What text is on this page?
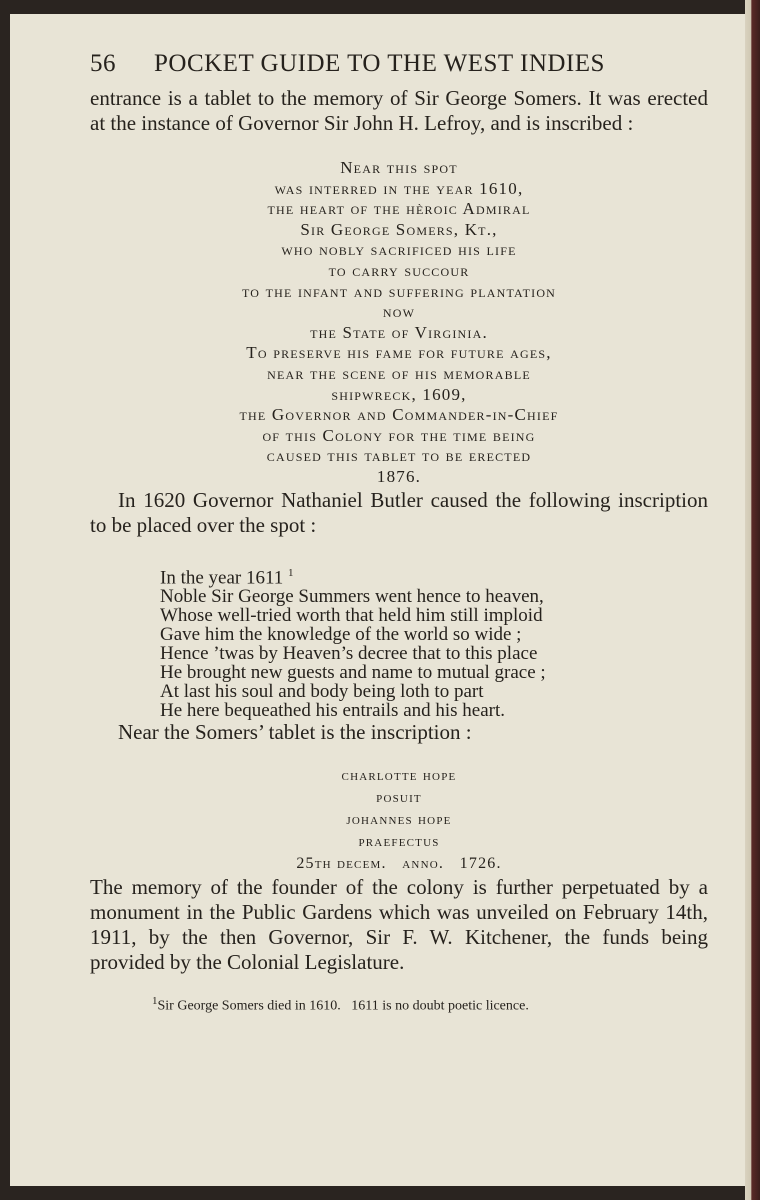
56 POCKET GUIDE TO THE WEST INDIES

entrance is a tablet to the memory of Sir George Somers. It was erected at the instance of Governor Sir John H. Lefroy, and is inscribed :

Near this spot
was interred in the year 1610,
the heart of the hèroic Admiral
Sir George Somers, Kt.,
who nobly sacrificed his life
to carry succour
to the infant and suffering plantation
now
the State of Virginia.
To preserve his fame for future ages,
near the scene of his memorable
shipwreck, 1609,
the Governor and Commander-in-Chief
of this Colony for the time being
caused this tablet to be erected
1876.

In 1620 Governor Nathaniel Butler caused the following inscription to be placed over the spot :

In the year 1611 $^1$
Noble Sir George Summers went hence to heaven,
Whose well-tried worth that held him still imploid
Gave him the knowledge of the world so wide ;
Hence ’twas by Heaven’s decree that to this place
He brought new guests and name to mutual grace ;
At last his soul and body being loth to part
He here bequeathed his entrails and his heart.

Near the Somers’ tablet is the inscription :

charlotte hope
posuit
johannes hope
praefectus
25th decem.   anno.   1726.

The memory of the founder of the colony is further perpetuated by a monument in the Public Gardens which was unveiled on February 14th, 1911, by the then Governor, Sir F. W. Kitchener, the funds being provided by the Colonial Legislature.

$^1$Sir George Somers died in 1610.   1611 is no doubt poetic licence.
